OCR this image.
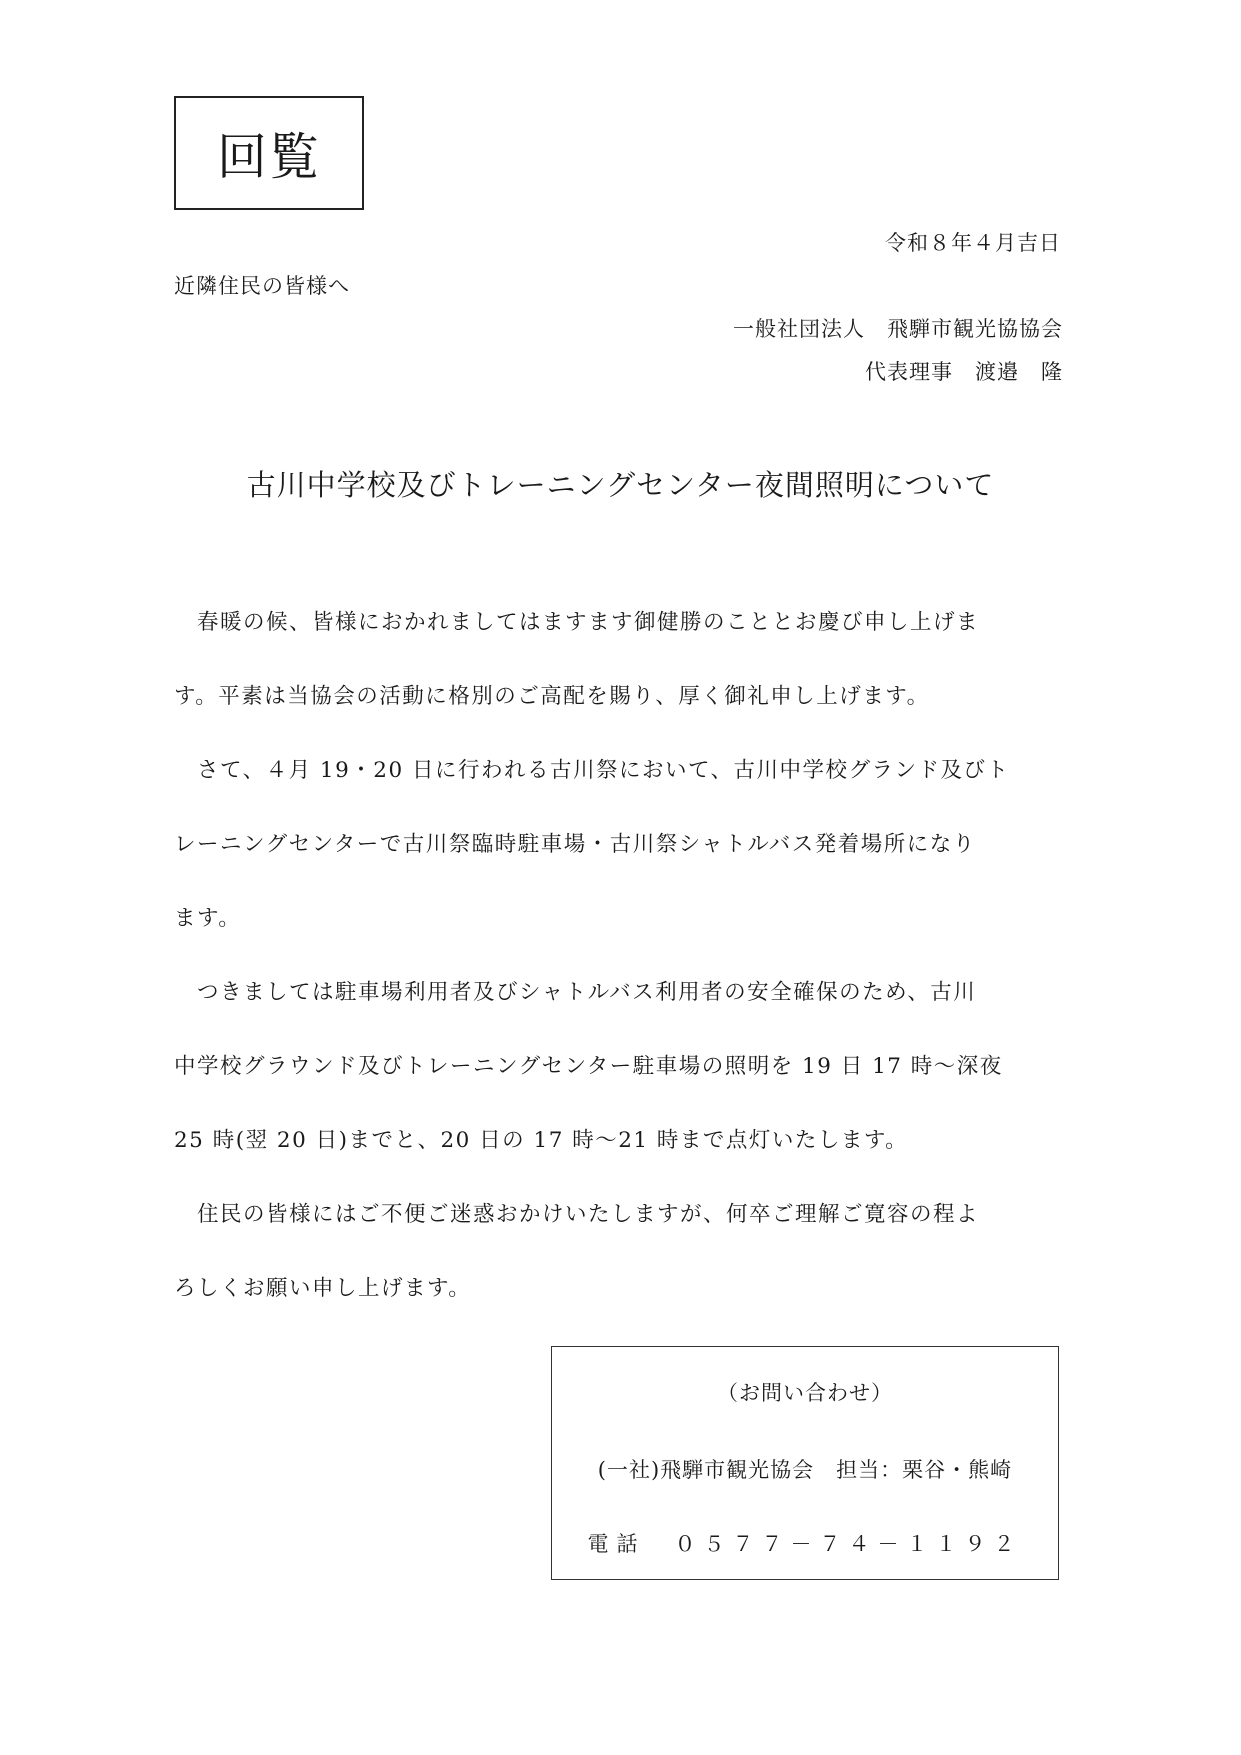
回覧
令和８年４月吉日
近隣住民の皆様へ
一般社団法人　飛騨市観光協協会
代表理事　渡邉　隆
古川中学校及びトレーニングセンター夜間照明について
　春暖の候、皆様におかれましてはますます御健勝のこととお慶び申し上げま
す。平素は当協会の活動に格別のご高配を賜り、厚く御礼申し上げます。
　さて、４月 19・20 日に行われる古川祭において、古川中学校グランド及びト
レーニングセンターで古川祭臨時駐車場・古川祭シャトルバス発着場所になり
ます。
　つきましては駐車場利用者及びシャトルバス利用者の安全確保のため、古川
中学校グラウンド及びトレーニングセンター駐車場の照明を 19 日 17 時～深夜
25 時(翌 20 日)までと、20 日の 17 時～21 時まで点灯いたします。
　住民の皆様にはご不便ご迷惑おかけいたしますが、何卒ご理解ご寛容の程よ
ろしくお願い申し上げます。
（お問い合わせ）
(一社)飛騨市観光協会　担当：栗谷・熊崎
電話　０５７７－７４－１１９２
